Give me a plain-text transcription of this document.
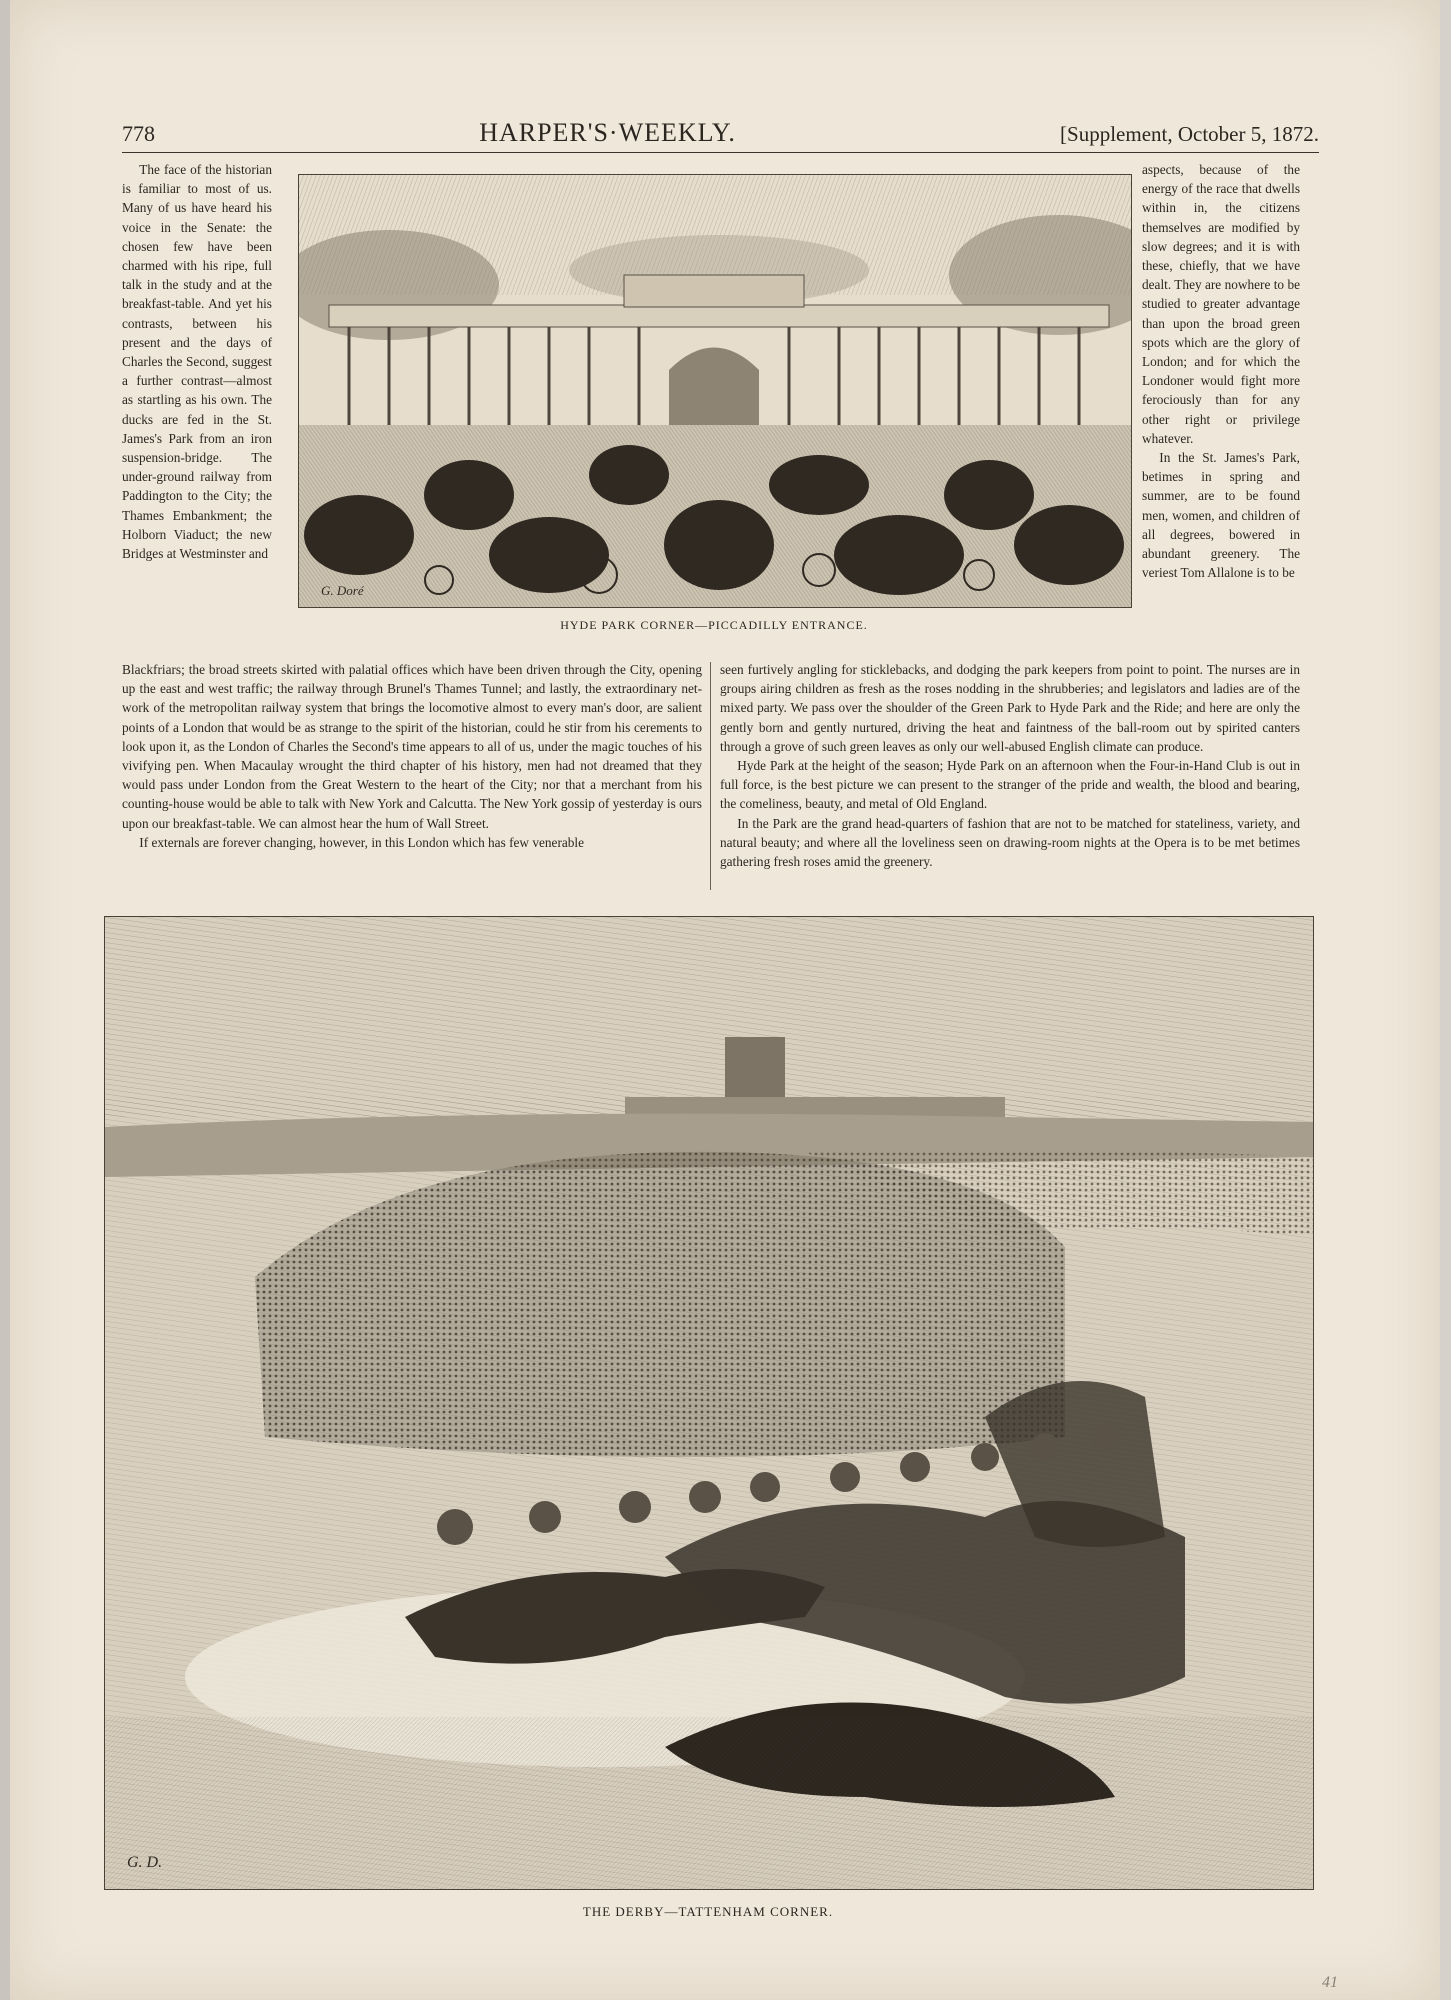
778	HARPER'S·WEEKLY.	[Supplement, October 5, 1872.

The face of the historian is familiar to most of us. Many of us have heard his voice in the Senate: the chosen few have been charmed with his ripe, full talk in the study and at the breakfast-table. And yet his contrasts, between his present and the days of Charles the Second, suggest a further contrast—almost as startling as his own. The ducks are fed in the St. James's Park from an iron suspension-bridge. The under-ground railway from Paddington to the City; the Thames Embankment; the Holborn Viaduct; the new Bridges at Westminster and

G. Doré

aspects, because of the energy of the race that dwells within in, the citizens themselves are modified by slow degrees; and it is with these, chiefly, that we have dealt. They are nowhere to be studied to greater advantage than upon the broad green spots which are the glory of London; and for which the Londoner would fight more ferociously than for any other right or privilege whatever.

In the St. James's Park, betimes in spring and summer, are to be found men, women, and children of all degrees, bowered in abundant greenery. The veriest Tom Allalone is to be

HYDE PARK CORNER—PICCADILLY ENTRANCE.

Blackfriars; the broad streets skirted with palatial offices which have been driven through the City, opening up the east and west traffic; the railway through Brunel's Thames Tunnel; and lastly, the extraordinary net-work of the metropolitan railway system that brings the locomotive almost to every man's door, are salient points of a London that would be as strange to the spirit of the historian, could he stir from his cerements to look upon it, as the London of Charles the Second's time appears to all of us, under the magic touches of his vivifying pen. When Macaulay wrought the third chapter of his history, men had not dreamed that they would pass under London from the Great Western to the heart of the City; nor that a merchant from his counting-house would be able to talk with New York and Calcutta. The New York gossip of yesterday is ours upon our breakfast-table. We can almost hear the hum of Wall Street.

If externals are forever changing, however, in this London which has few venerable

seen furtively angling for sticklebacks, and dodging the park keepers from point to point. The nurses are in groups airing children as fresh as the roses nodding in the shrubberies; and legislators and ladies are of the mixed party. We pass over the shoulder of the Green Park to Hyde Park and the Ride; and here are only the gently born and gently nurtured, driving the heat and faintness of the ball-room out by spirited canters through a grove of such green leaves as only our well-abused English climate can produce.

Hyde Park at the height of the season; Hyde Park on an afternoon when the Four-in-Hand Club is out in full force, is the best picture we can present to the stranger of the pride and wealth, the blood and bearing, the comeliness, beauty, and metal of Old England.

In the Park are the grand head-quarters of fashion that are not to be matched for stateliness, variety, and natural beauty; and where all the loveliness seen on drawing-room nights at the Opera is to be met betimes gathering fresh roses amid the greenery.

G. D.
THE DERBY—TATTENHAM CORNER.
41
